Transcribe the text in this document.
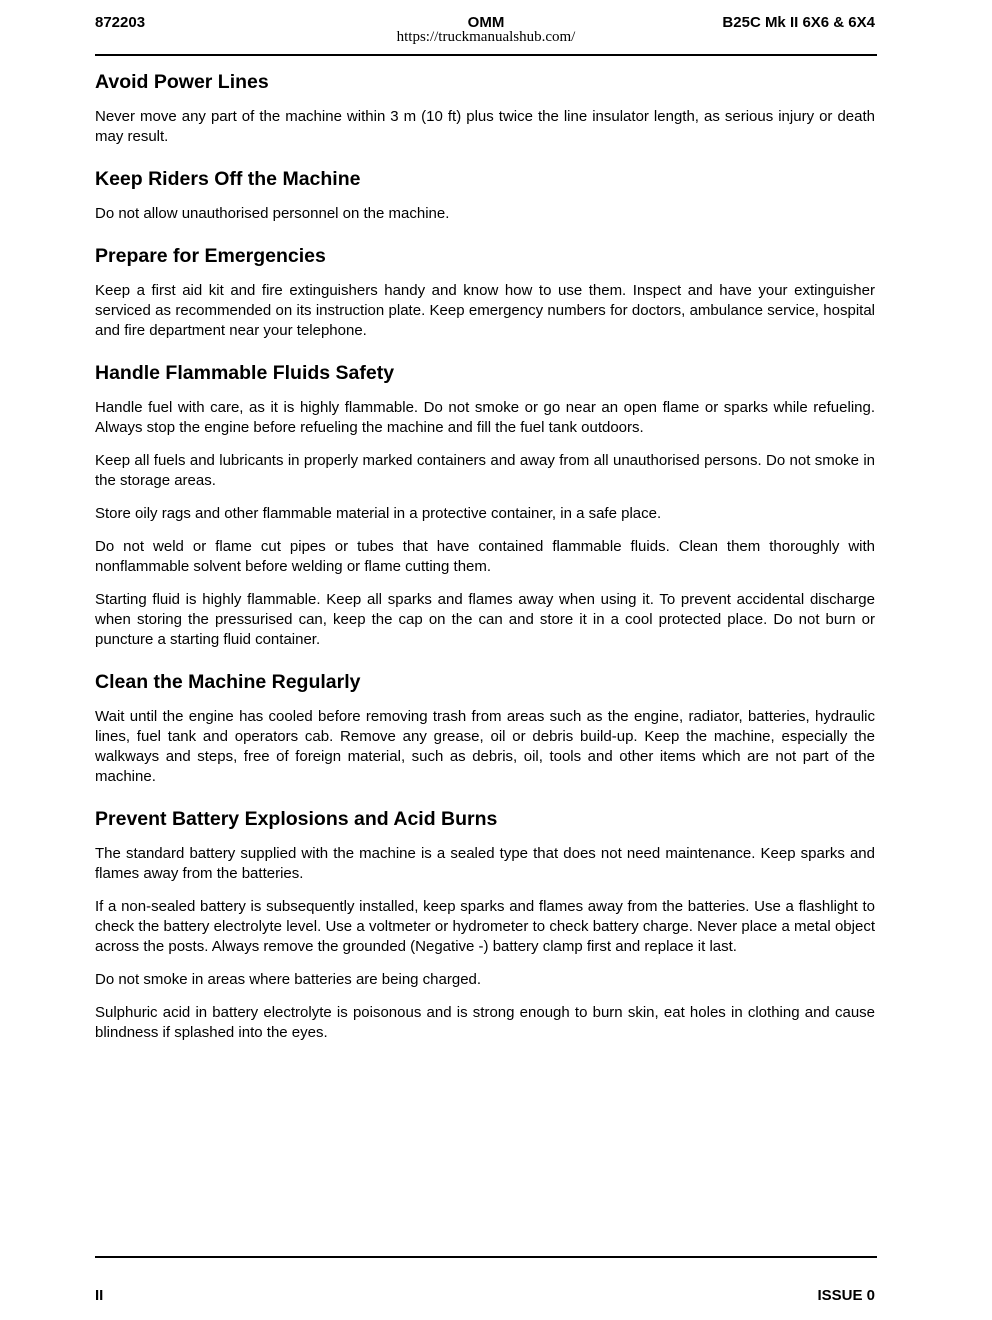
872203	OMM	B25C Mk II 6X6 & 6X4
https://truckmanualshub.com/
Avoid Power Lines

Never move any part of the machine within 3 m (10 ft) plus twice the line insulator length, as serious injury or death may result.

Keep Riders Off the Machine

Do not allow unauthorised personnel on the machine.

Prepare for Emergencies

Keep a first aid kit and fire extinguishers handy and know how to use them. Inspect and have your extinguisher serviced as recommended on its instruction plate. Keep emergency numbers for doctors, ambulance service, hospital and fire department near your telephone.

Handle Flammable Fluids Safety

Handle fuel with care, as it is highly flammable. Do not smoke or go near an open flame or sparks while refueling. Always stop the engine before refueling the machine and fill the fuel tank outdoors.

Keep all fuels and lubricants in properly marked containers and away from all unauthorised persons. Do not smoke in the storage areas.

Store oily rags and other flammable material in a protective container, in a safe place.

Do not weld or flame cut pipes or tubes that have contained flammable fluids. Clean them thoroughly with nonflammable solvent before welding or flame cutting them.

Starting fluid is highly flammable. Keep all sparks and flames away when using it. To prevent accidental discharge when storing the pressurised can, keep the cap on the can and store it in a cool protected place. Do not burn or puncture a starting fluid container.

Clean the Machine Regularly

Wait until the engine has cooled before removing trash from areas such as the engine, radiator, batteries, hydraulic lines, fuel tank and operators cab. Remove any grease, oil or debris build-up. Keep the machine, especially the walkways and steps, free of foreign material, such as debris, oil, tools and other items which are not part of the machine.

Prevent Battery Explosions and Acid Burns

The standard battery supplied with the machine is a sealed type that does not need maintenance. Keep sparks and flames away from the batteries.

If a non-sealed battery is subsequently installed, keep sparks and flames away from the batteries. Use a flashlight to check the battery electrolyte level. Use a voltmeter or hydrometer to check battery charge. Never place a metal object across the posts. Always remove the grounded (Negative -) battery clamp first and replace it last.

Do not smoke in areas where batteries are being charged.

Sulphuric acid in battery electrolyte is poisonous and is strong enough to burn skin, eat holes in clothing and cause blindness if splashed into the eyes.

II	ISSUE 0
